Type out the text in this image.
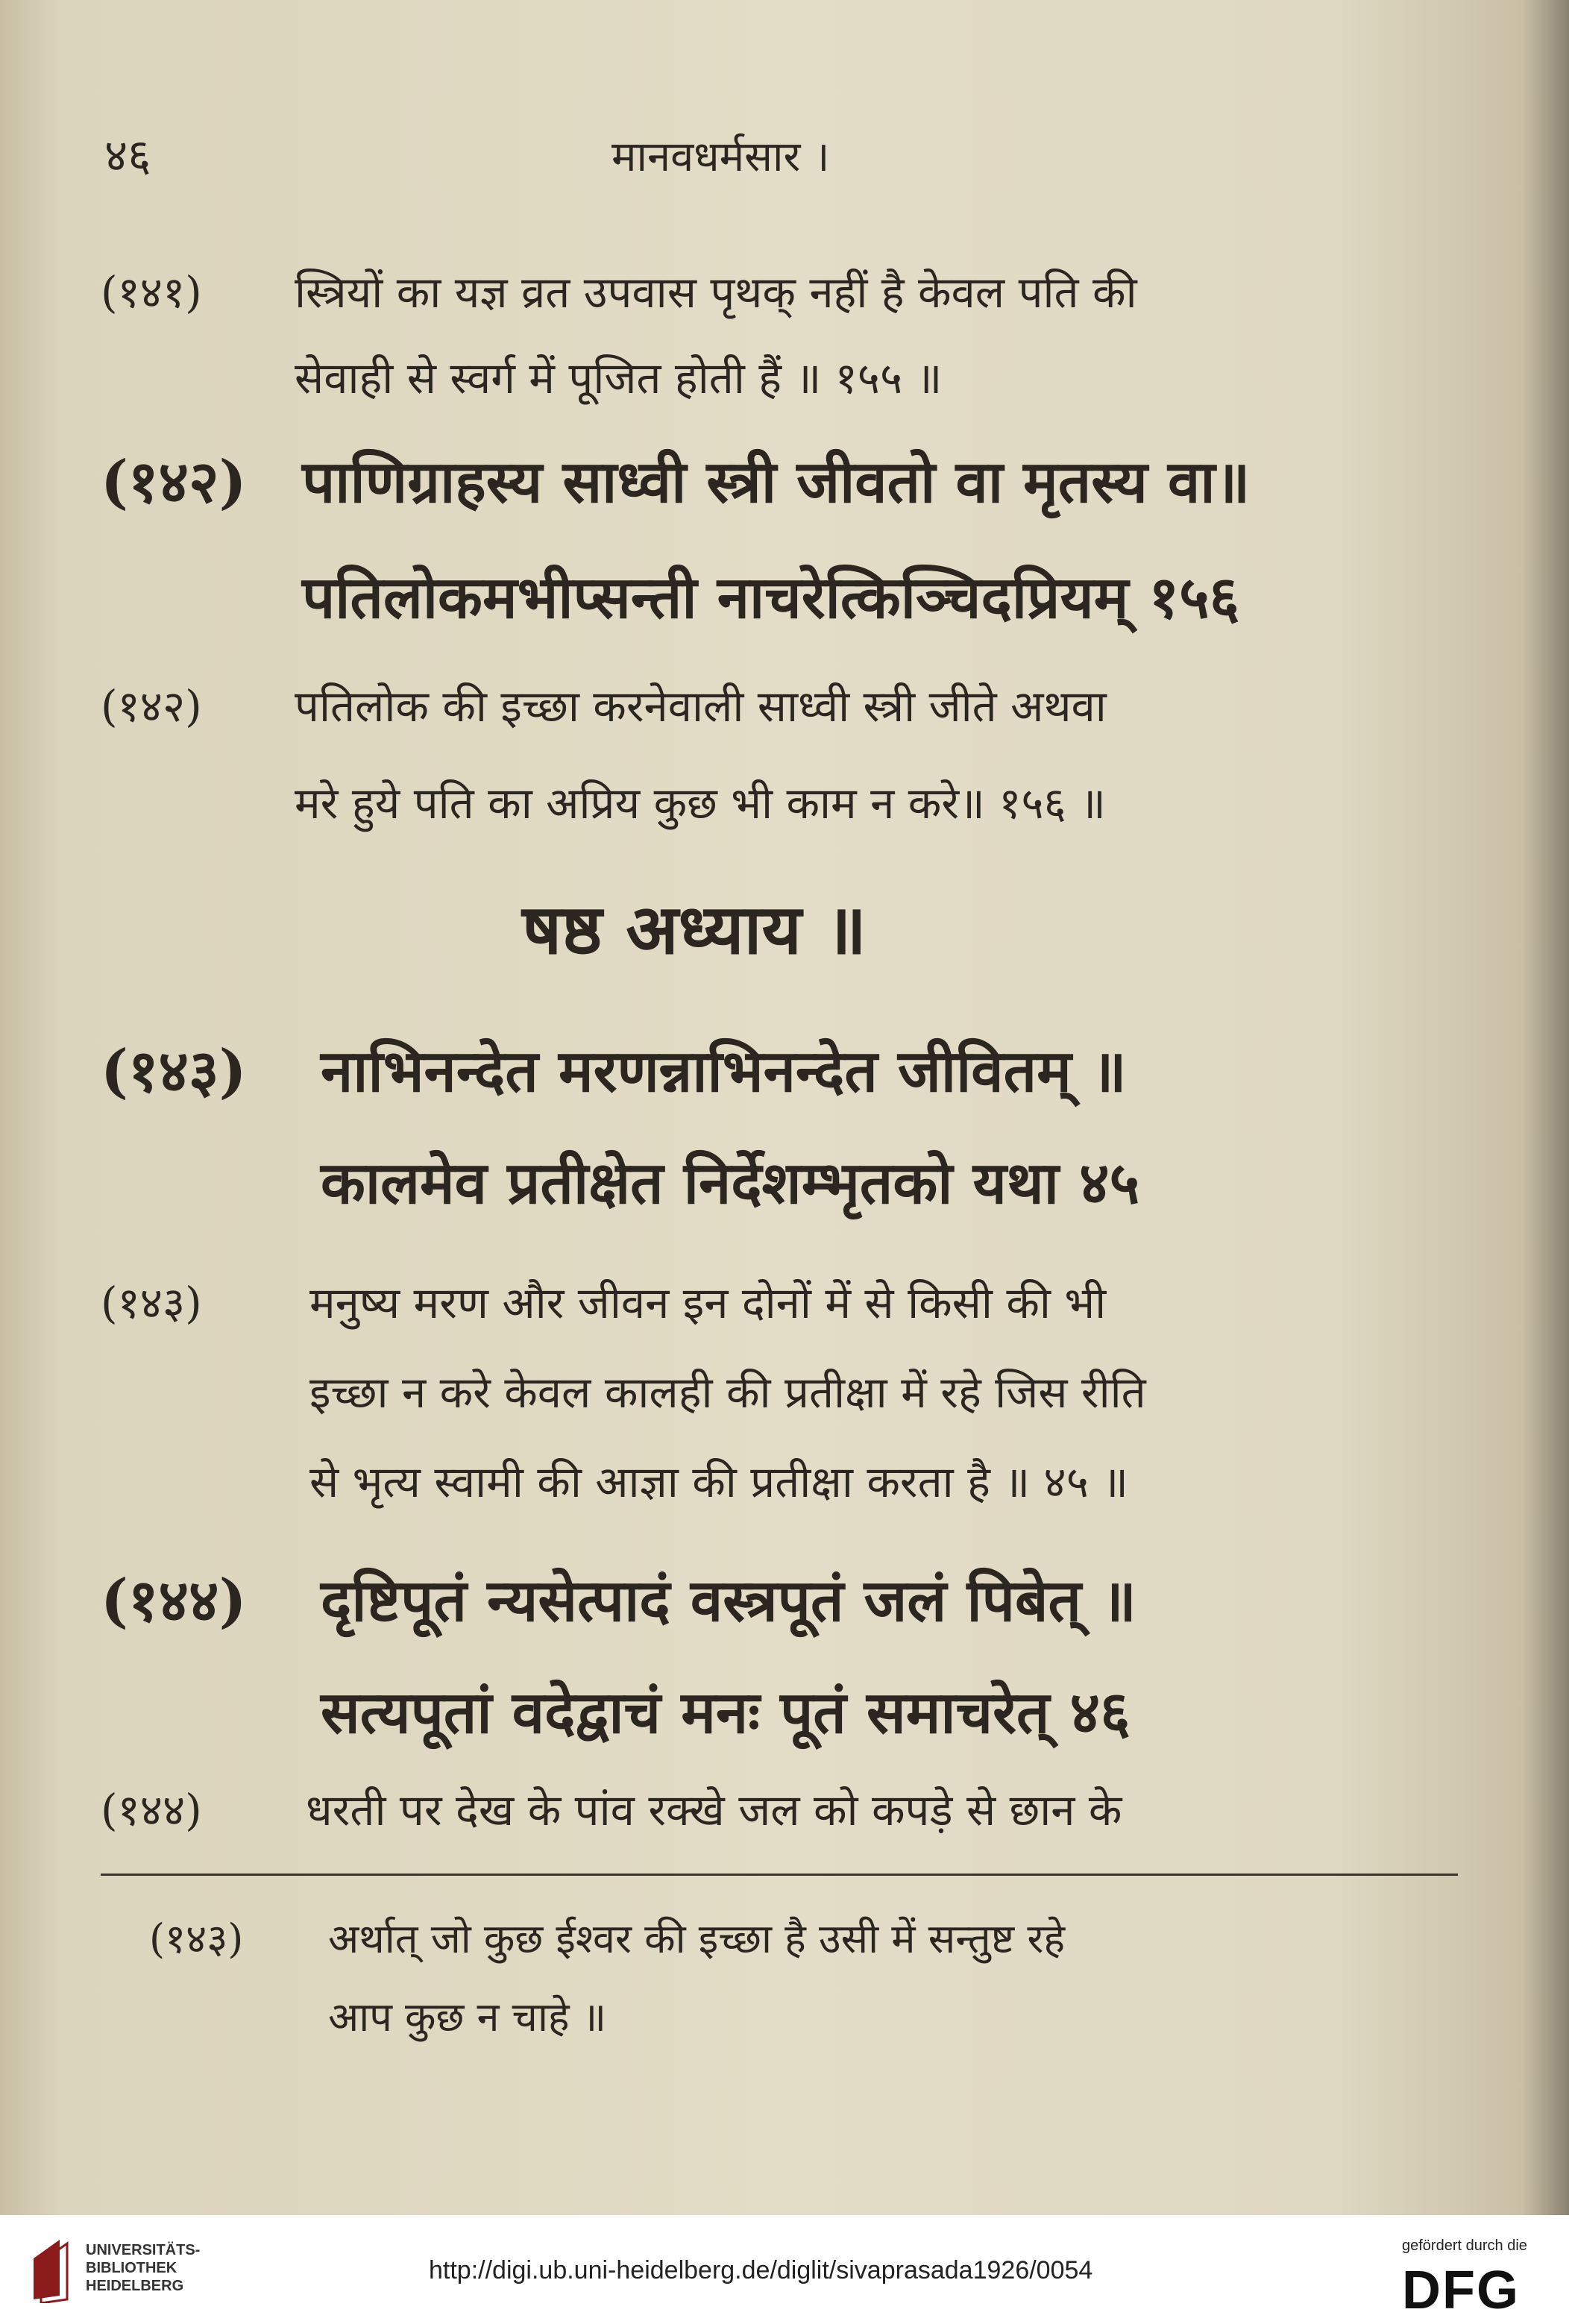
४६	मानवधर्मसार ।
(१४१) स्त्रियों का यज्ञ व्रत उपवास पृथक् नहीं है केवल पति की
सेवाही से स्वर्ग में पूजित होती हैं ॥ १५५ ॥
(१४२) पाणिग्राहस्य साध्वी स्त्री जीवतो वा मृतस्य वा॥
पतिलोकमभीप्सन्ती नाचरेत्किञ्चिदप्रियम् १५६
(१४२) पतिलोक की इच्छा करनेवाली साध्वी स्त्री जीते अथवा
मरे हुये पति का अप्रिय कुछ भी काम न करे॥ १५६ ॥
षष्ठ अध्याय ॥
(१४३) नाभिनन्देत मरणन्नाभिनन्देत जीवितम् ॥
कालमेव प्रतीक्षेत निर्देशम्भृतको यथा ४५
(१४३) मनुष्य मरण और जीवन इन दोनों में से किसी की भी
इच्छा न करे केवल कालही की प्रतीक्षा में रहे जिस रीति
से भृत्य स्वामी की आज्ञा की प्रतीक्षा करता है ॥ ४५ ॥
(१४४) दृष्टिपूतं न्यसेत्पादं वस्त्रपूतं जलं पिबेत् ॥
सत्यपूतां वदेद्वाचं मनः पूतं समाचरेत् ४६
(१४४) धरती पर देख के पांव रक्खे जल को कपड़े से छान के
(१४३) अर्थात् जो कुछ ईश्वर की इच्छा है उसी में सन्तुष्ट रहे
आप कुछ न चाहे ॥
UNIVERSITÄTS-
BIBLIOTHEK
HEIDELBERG
http://digi.ub.uni-heidelberg.de/diglit/sivaprasada1926/0054
gefördert durch die
DFG
